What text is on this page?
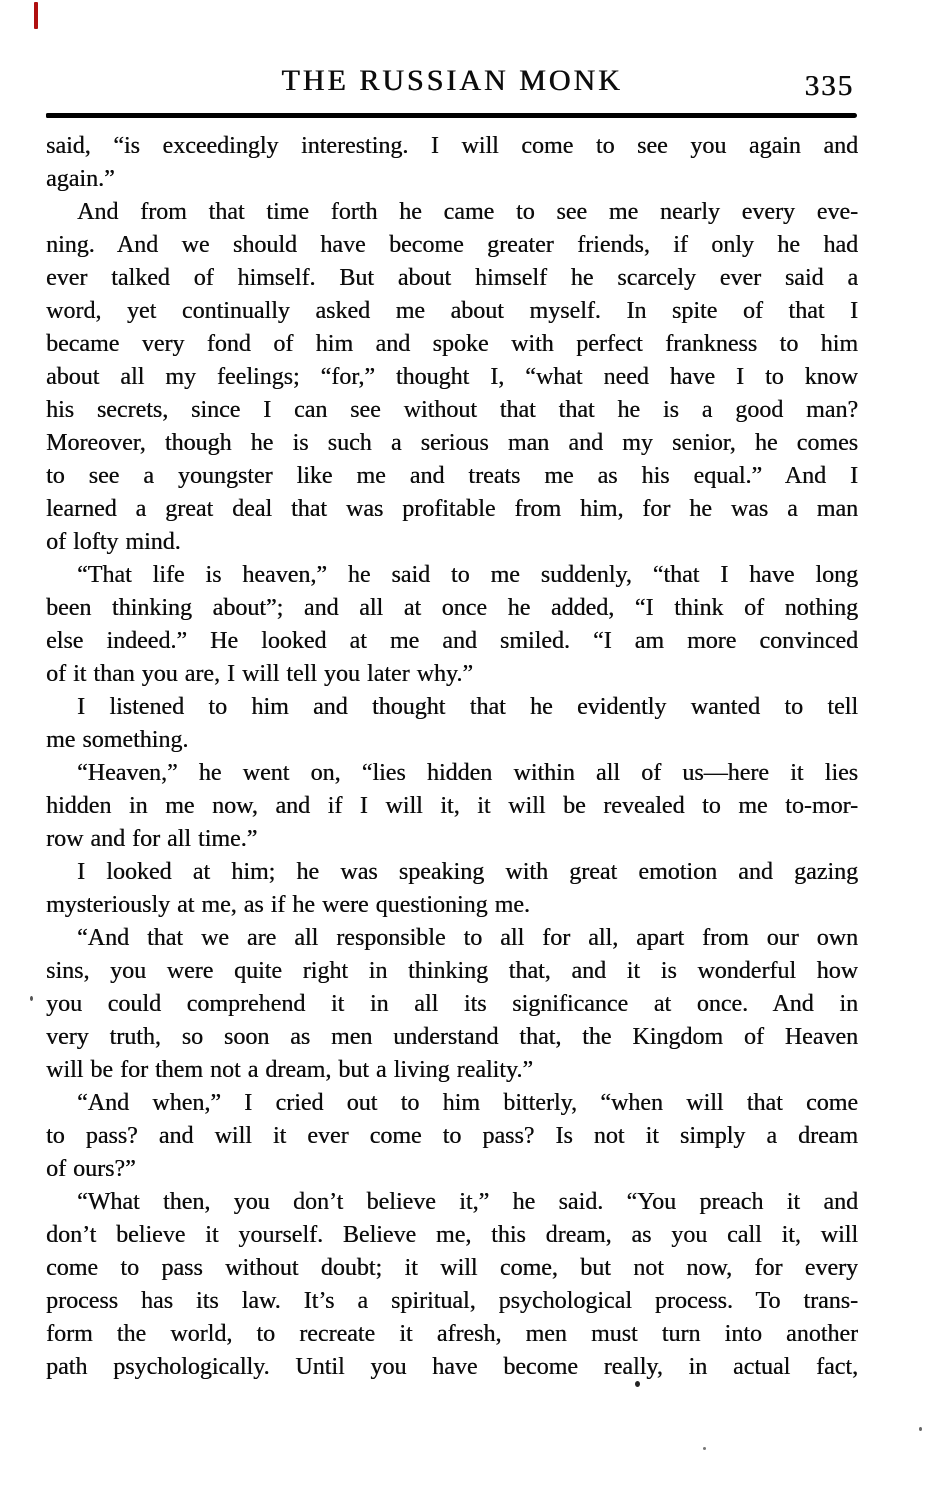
THE RUSSIAN MONK	335
said, “is exceedingly interesting. I will come to see you again and
again.”
And from that time forth he came to see me nearly every eve-
ning. And we should have become greater friends, if only he had
ever talked of himself. But about himself he scarcely ever said a
word, yet continually asked me about myself. In spite of that I
became very fond of him and spoke with perfect frankness to him
about all my feelings; “for,” thought I, “what need have I to know
his secrets, since I can see without that that he is a good man?
Moreover, though he is such a serious man and my senior, he comes
to see a youngster like me and treats me as his equal.” And I
learned a great deal that was profitable from him, for he was a man
of lofty mind.
“That life is heaven,” he said to me suddenly, “that I have long
been thinking about”; and all at once he added, “I think of nothing
else indeed.” He looked at me and smiled. “I am more convinced
of it than you are, I will tell you later why.”
I listened to him and thought that he evidently wanted to tell
me something.
“Heaven,” he went on, “lies hidden within all of us—here it lies
hidden in me now, and if I will it, it will be revealed to me to-mor-
row and for all time.”
I looked at him; he was speaking with great emotion and gazing
mysteriously at me, as if he were questioning me.
“And that we are all responsible to all for all, apart from our own
sins, you were quite right in thinking that, and it is wonderful how
you could comprehend it in all its significance at once. And in
very truth, so soon as men understand that, the Kingdom of Heaven
will be for them not a dream, but a living reality.”
“And when,” I cried out to him bitterly, “when will that come
to pass? and will it ever come to pass? Is not it simply a dream
of ours?”
“What then, you don’t believe it,” he said. “You preach it and
don’t believe it yourself. Believe me, this dream, as you call it, will
come to pass without doubt; it will come, but not now, for every
process has its law. It’s a spiritual, psychological process. To trans-
form the world, to recreate it afresh, men must turn into another
path psychologically. Until you have become really, in actual fact,
